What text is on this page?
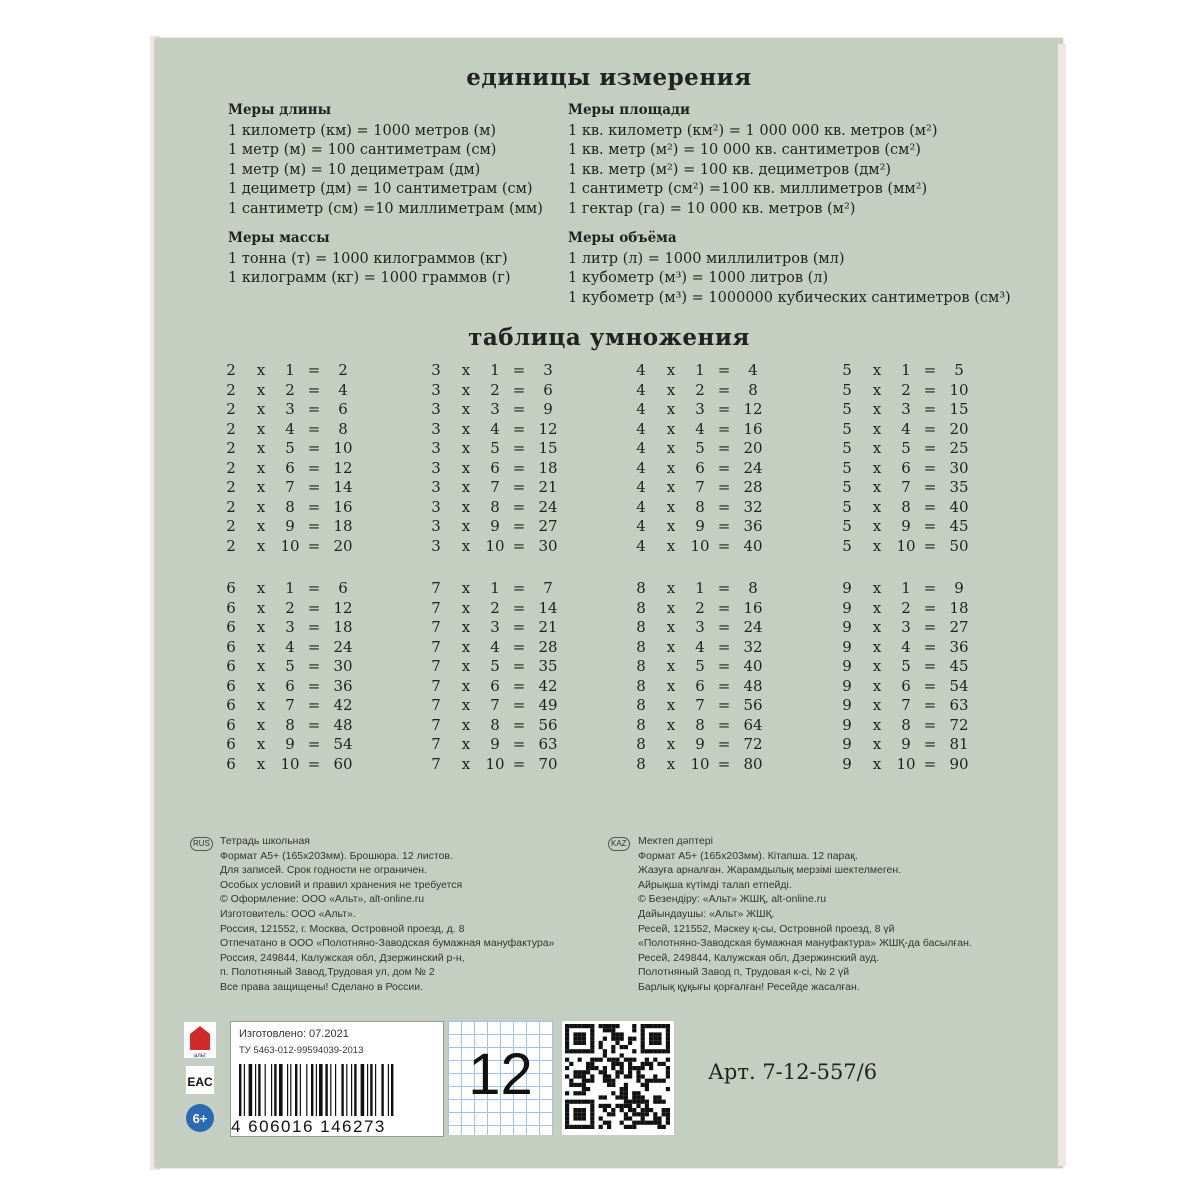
единицы измерения
Меры длины
1 километр (км) = 1000 метров (м)
1 метр (м) = 100 сантиметрам (см)
1 метр (м) = 10 дециметрам (дм)
1 дециметр (дм) = 10 сантиметрам (см)
1 сантиметр (см) =10 миллиметрам (мм)
Меры площади
1 кв. километр (км²) = 1 000 000 кв. метров (м²)
1 кв. метр (м²) = 10 000 кв. сантиметров (см²)
1 кв. метр (м²) = 100 кв. дециметров (дм²)
1 сантиметр (см²) =100 кв. миллиметров (мм²)
1 гектар (га) = 10 000 кв. метров (м²)
Меры массы
1 тонна (т) = 1000 килограммов (кг)
1 килограмм (кг) = 1000 граммов (г)
Меры объёма
1 литр (л) = 1000 миллилитров (мл)
1 кубометр (м³) = 1000 литров (л)
1 кубометр (м³) = 1000000 кубических сантиметров (см³)
таблица умножения
2 x	1 =	2
2 x	2 =	4
2 x	3 =	6
2 x	4 =	8
2 x	5 = 10
2 x	6 = 12
2 x	7 = 14
2 x	8 = 16
2 x	9 = 18
2 x 10 = 20
3 x	1 =	3
3 x	2 =	6
3 x	3 =	9
3 x	4 = 12
3 x	5 = 15
3 x	6 = 18
3 x	7 = 21
3 x	8 = 24
3 x	9 = 27
3 x 10 = 30
4 x	1 =	4
4 x	2 =	8
4 x	3 = 12
4 x	4 = 16
4 x	5 = 20
4 x	6 = 24
4 x	7 = 28
4 x	8 = 32
4 x	9 = 36
4 x 10 = 40
5 x	1 =	5
5 x	2 = 10
5 x	3 = 15
5 x	4 = 20
5 x	5 = 25
5 x	6 = 30
5 x	7 = 35
5 x	8 = 40
5 x	9 = 45
5 x 10 = 50
6 x	1 =	6
6 x	2 = 12
6 x	3 = 18
6 x	4 = 24
6 x	5 = 30
6 x	6 = 36
6 x	7 = 42
6 x	8 = 48
6 x	9 = 54
6 x 10 = 60
7 x	1 =	7
7 x	2 = 14
7 x	3 = 21
7 x	4 = 28
7 x	5 = 35
7 x	6 = 42
7 x	7 = 49
7 x	8 = 56
7 x	9 = 63
7 x 10 = 70
8 x	1 =	8
8 x	2 = 16
8 x	3 = 24
8 x	4 = 32
8 x	5 = 40
8 x	6 = 48
8 x	7 = 56
8 x	8 = 64
8 x	9 = 72
8 x 10 = 80
9 x	1 =	9
9 x	2 = 18
9 x	3 = 27
9 x	4 = 36
9 x	5 = 45
9 x	6 = 54
9 x	7 = 63
9 x	8 = 72
9 x	9 = 81
9 x 10 = 90
RUS Тетрадь школьная
Формат А5+ (165х203мм). Брошюра. 12 листов.
Для записей. Срок годности не ограничен.
Особых условий и правил хранения не требуется
© Оформление: ООО «Альт», alt-online.ru
Изготовитель: ООО «Альт».
Россия, 121552, г. Москва, Островной проезд, д. 8
Отпечатано в ООО «Полотняно-Заводская бумажная мануфактура»
Россия, 249844, Калужская обл, Дзержинский р-н,
п. Полотняный Завод,Трудовая ул, дом № 2
Все права защищены! Сделано в России.
KAZ Мектеп дәптері
Формат А5+ (165х203мм). Кітапша. 12 парақ.
Жазуға арналған. Жарамдылық мерзімі шектелмеген.
Айрықша күтімді талап етпейді.
© Безендіру: «Альт» ЖШҚ, alt-online.ru
Дайындаушы: «Альт» ЖШҚ.
Ресей, 121552, Мәскеу қ-сы, Островной проезд, 8 үй
«Полотняно-Заводская бумажная мануфактура» ЖШҚ-да басылған.
Ресей, 249844, Калужская обл, Дзержинский ауд.
Полотняный Завод п, Трудовая к-сі, № 2 үй
Барлық құқығы қорғалған! Ресейде жасалған.
альт
EAC
6+
Изготовлено: 07.2021
ТУ 5463-012-99594039-2013
4 606016 146273
12	Арт. 7-12-557/6
